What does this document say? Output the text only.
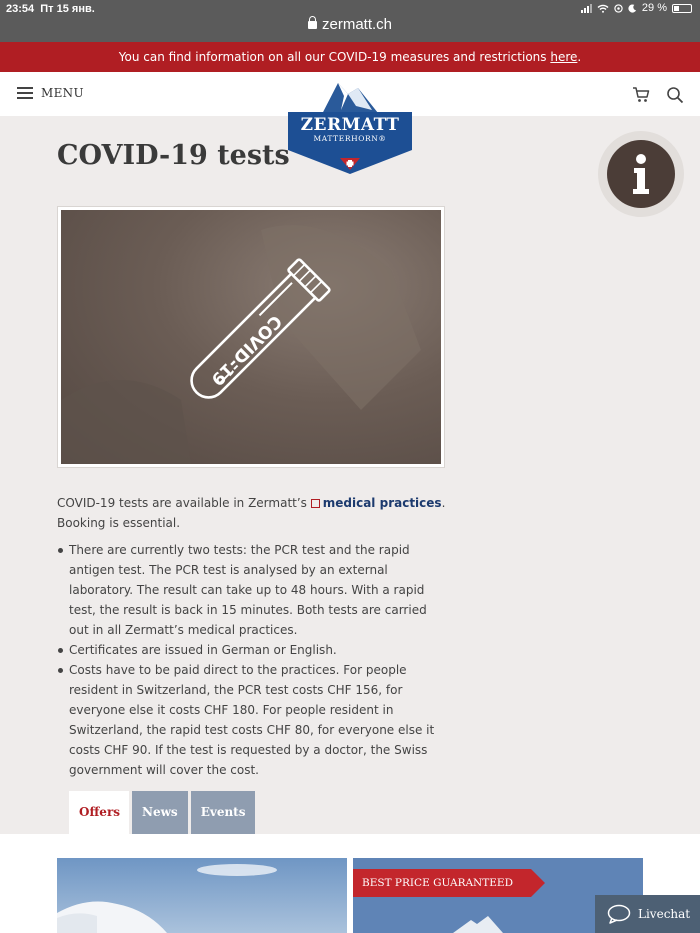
23:54 Пт 15 янв.	29 %
zermatt.ch
You can find information on all our COVID-19 measures and restrictions here.
MENU
ZERMATT
MATTERHORN®
COVID-19 tests
COVID-19
COVID-19 tests are available in Zermatt’s medical practices.
Booking is essential.
There are currently two tests: the PCR test and the rapid antigen test. The PCR test is analysed by an external laboratory. The result can take up to 48 hours. With a rapid test, the result is back in 15 minutes. Both tests are carried out in all Zermatt’s medical practices.
Certificates are issued in German or English.
Costs have to be paid direct to the practices. For people resident in Switzerland, the PCR test costs CHF 156, for everyone else it costs CHF 180. For people resident in Switzerland, the rapid test costs CHF 80, for everyone else it costs CHF 90. If the test is requested by a doctor, the Swiss government will cover the cost.
Offers	News	Events
BEST PRICE GUARANTEED
Livechat
